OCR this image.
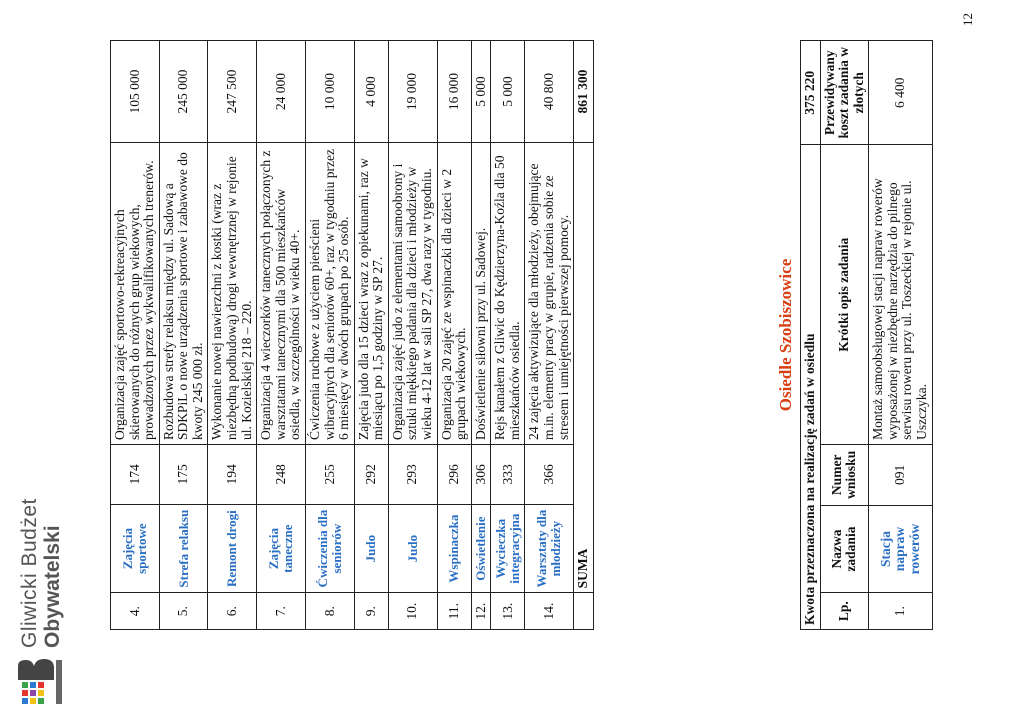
Gliwicki Budżet Obywatelski	4.	Zajęcia sportowe	174	Organizacja zajęć sportowo-rekreacyjnych skierowanych do różnych grup wiekowych, prowadzonych przez wykwalifikowanych trenerów.	105 000
5.	Strefa relaksu	175	Rozbudowa strefy relaksu między ul. Sadową a SDKPiL o nowe urządzenia sportowe i zabawowe do kwoty 245 000 zł.	245 000
6.	Remont drogi	194	Wykonanie nowej nawierzchni z kostki (wraz z niezbędną podbudową) drogi wewnętrznej w rejonie ul. Kozielskiej 218 – 220.	247 500
7.	Zajęcia taneczne	248	Organizacja 4 wieczorków tanecznych połączonych z warsztatami tanecznymi dla 500 mieszkańców osiedla, w szczególności w wieku 40+.	24 000
8.	Ćwiczenia dla seniorów	255	Ćwiczenia ruchowe z użyciem pierścieni wibracyjnych dla seniorów 60+, raz w tygodniu przez 6 miesięcy w dwóch grupach po 25 osób.	10 000
9.	Judo	292	Zajęcia judo dla 15 dzieci wraz z opiekunami, raz w miesiącu po 1,5 godziny w SP 27.	4 000
10.	Judo	293	Organizacja zajęć judo z elementami samoobrony i sztuki miękkiego padania dla dzieci i młodzieży w wieku 4-12 lat w sali SP 27, dwa razy w tygodniu.	19 000
11.	Wspinaczka	296	Organizacja 20 zajęć ze wspinaczki dla dzieci w 2 grupach wiekowych.	16 000
12.	Oświetlenie	306	Doświetlenie siłowni przy ul. Sadowej.	5 000
13.	Wycieczka integracyjna	333	Rejs kanałem z Gliwic do Kędzierzyna-Koźla dla 50 mieszkańców osiedla.	5 000
14.	Warsztaty dla młodzieży	366	24 zajęcia aktywizujące dla młodzieży, obejmujące m.in. elementy pracy w grupie, radzenia sobie ze stresem i umiejętności pierwszej pomocy.	40 800
	SUMA			861 300
Osiedle Szobiszowice Kwota przeznaczona na realizację zadań w osiedlu				375 220
Lp.	Nazwa zadania	Numer wniosku	Krótki opis zadania	Przewidywany koszt zadania w złotych
1.	Stacja napraw rowerów	091	Montaż samoobsługowej stacji napraw rowerów wyposażonej w niezbędne narzędzia do pilnego serwisu roweru przy ul. Toszeckiej w rejonie ul. Uszczyka.	6 400
12
